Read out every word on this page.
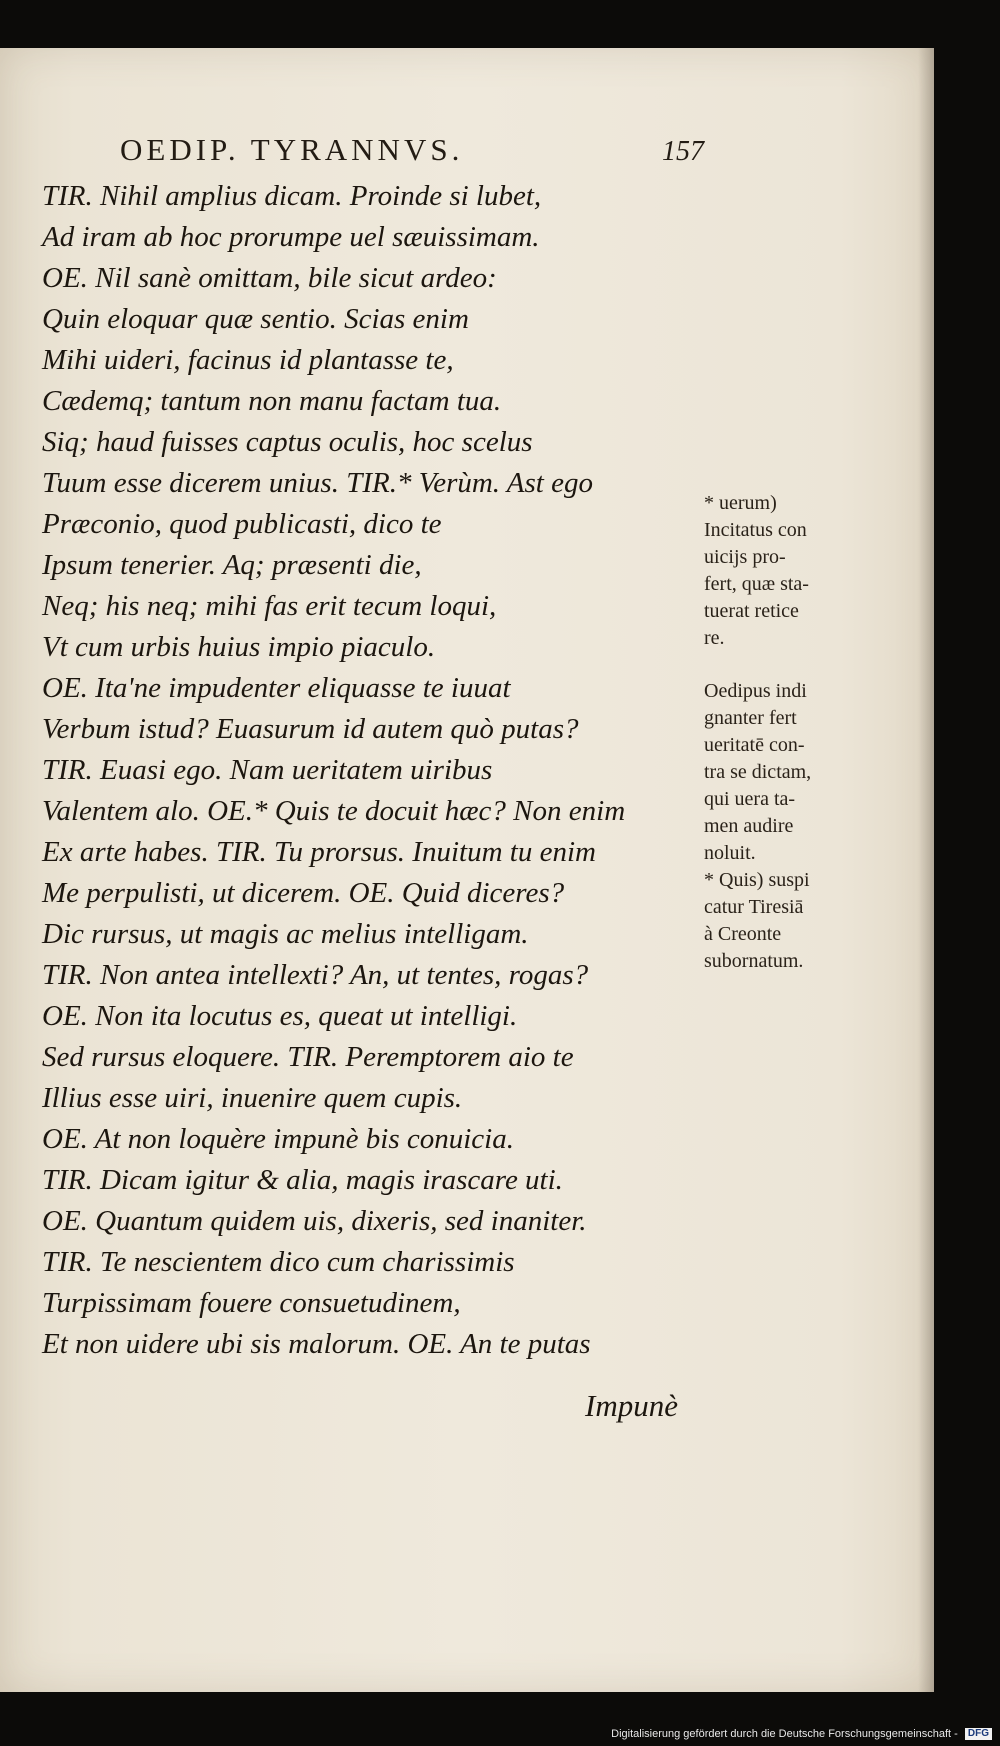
OEDIP. TYRANNVS.	157
TIR. Nihil amplius dicam. Proinde si lubet,
Ad iram ab hoc prorumpe uel sæuissimam.
OE. Nil sanè omittam, bile sicut ardeo:
Quin eloquar quæ sentio. Scias enim
Mihi uideri, facinus id plantasse te,
Cædemq; tantum non manu factam tua.
Siq; haud fuisses captus oculis, hoc scelus
Tuum esse dicerem unius. TIR.* Verùm. Ast ego
Præconio, quod publicasti, dico te
Ipsum tenerier. Aq; præsenti die,
Neq; his neq; mihi fas erit tecum loqui,
Vt cum urbis huius impio piaculo.
OE. Ita'ne impudenter eliquasse te iuuat
Verbum istud? Euasurum id autem quò putas?
TIR. Euasi ego. Nam ueritatem uiribus
Valentem alo. OE.* Quis te docuit hæc? Non enim
Ex arte habes. TIR. Tu prorsus. Inuitum tu enim
Me perpulisti, ut dicerem. OE. Quid diceres?
Dic rursus, ut magis ac melius intelligam.
TIR. Non antea intellexti? An, ut tentes, rogas?
OE. Non ita locutus es, queat ut intelligi.
Sed rursus eloquere. TIR. Peremptorem aio te
Illius esse uiri, inuenire quem cupis.
OE. At non loquère impunè bis conuicia.
TIR. Dicam igitur & alia, magis irascare uti.
OE. Quantum quidem uis, dixeris, sed inaniter.
TIR. Te nescientem dico cum charissimis
Turpissimam fouere consuetudinem,
Et non uidere ubi sis malorum. OE. An te putas
Impunè

* uerum)
Incitatus con
uicijs pro-
fert, quæ sta-
tuerat retice
re.

Oedipus indi
gnanter fert
ueritatē con-
tra se dictam,
qui uera ta-
men audire
noluit.

* Quis) suspi
catur Tiresiā
à Creonte
subornatum.

Digitalisierung gefördert durch die Deutsche Forschungsgemeinschaft - DFG
